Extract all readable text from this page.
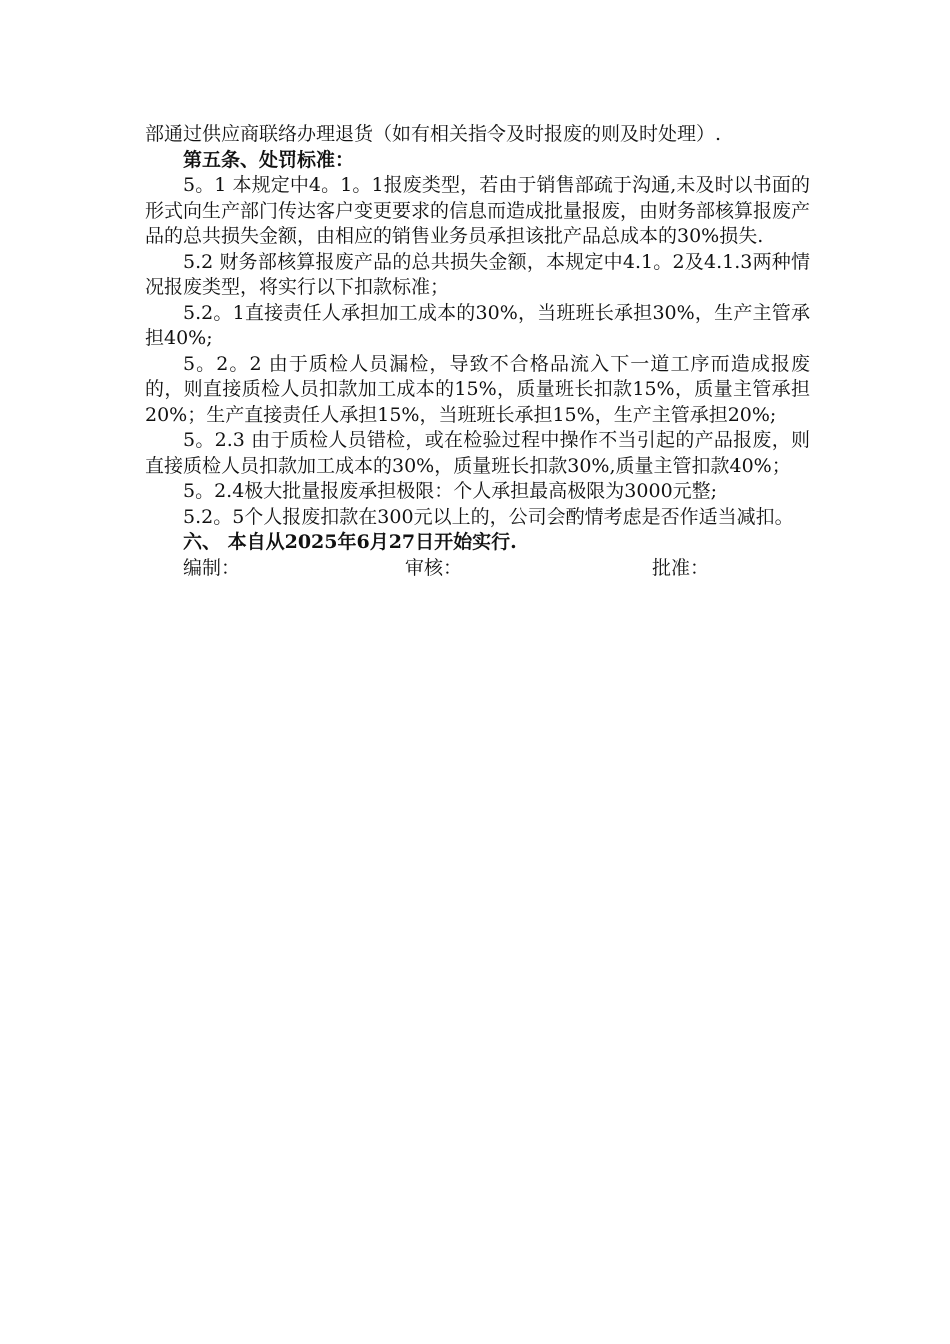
部通过供应商联络办理退货（如有相关指令及时报废的则及时处理）.

第五条、处罚标准：

5。1 本规定中4。1。1报废类型，若由于销售部疏于沟通,未及时以书面的形式向生产部门传达客户变更要求的信息而造成批量报废，由财务部核算报废产品的总共损失金额，由相应的销售业务员承担该批产品总成本的30%损失.

5.2 财务部核算报废产品的总共损失金额，本规定中4.1。2及4.1.3两种情况报废类型，将实行以下扣款标准；

5.2。1直接责任人承担加工成本的30%，当班班长承担30%，生产主管承担40%;

5。2。2 由于质检人员漏检，导致不合格品流入下一道工序而造成报废的，则直接质检人员扣款加工成本的15%，质量班长扣款15%，质量主管承担20%；生产直接责任人承担15%，当班班长承担15%，生产主管承担20%;

5。2.3 由于质检人员错检，或在检验过程中操作不当引起的产品报废，则直接质检人员扣款加工成本的30%，质量班长扣款30%,质量主管扣款40%；

5。2.4极大批量报废承担极限：个人承担最高极限为3000元整;

5.2。5个人报废扣款在300元以上的，公司会酌情考虑是否作适当减扣。

六、 本自从2025年6月27日开始实行.

编制：	审核：	批准：
